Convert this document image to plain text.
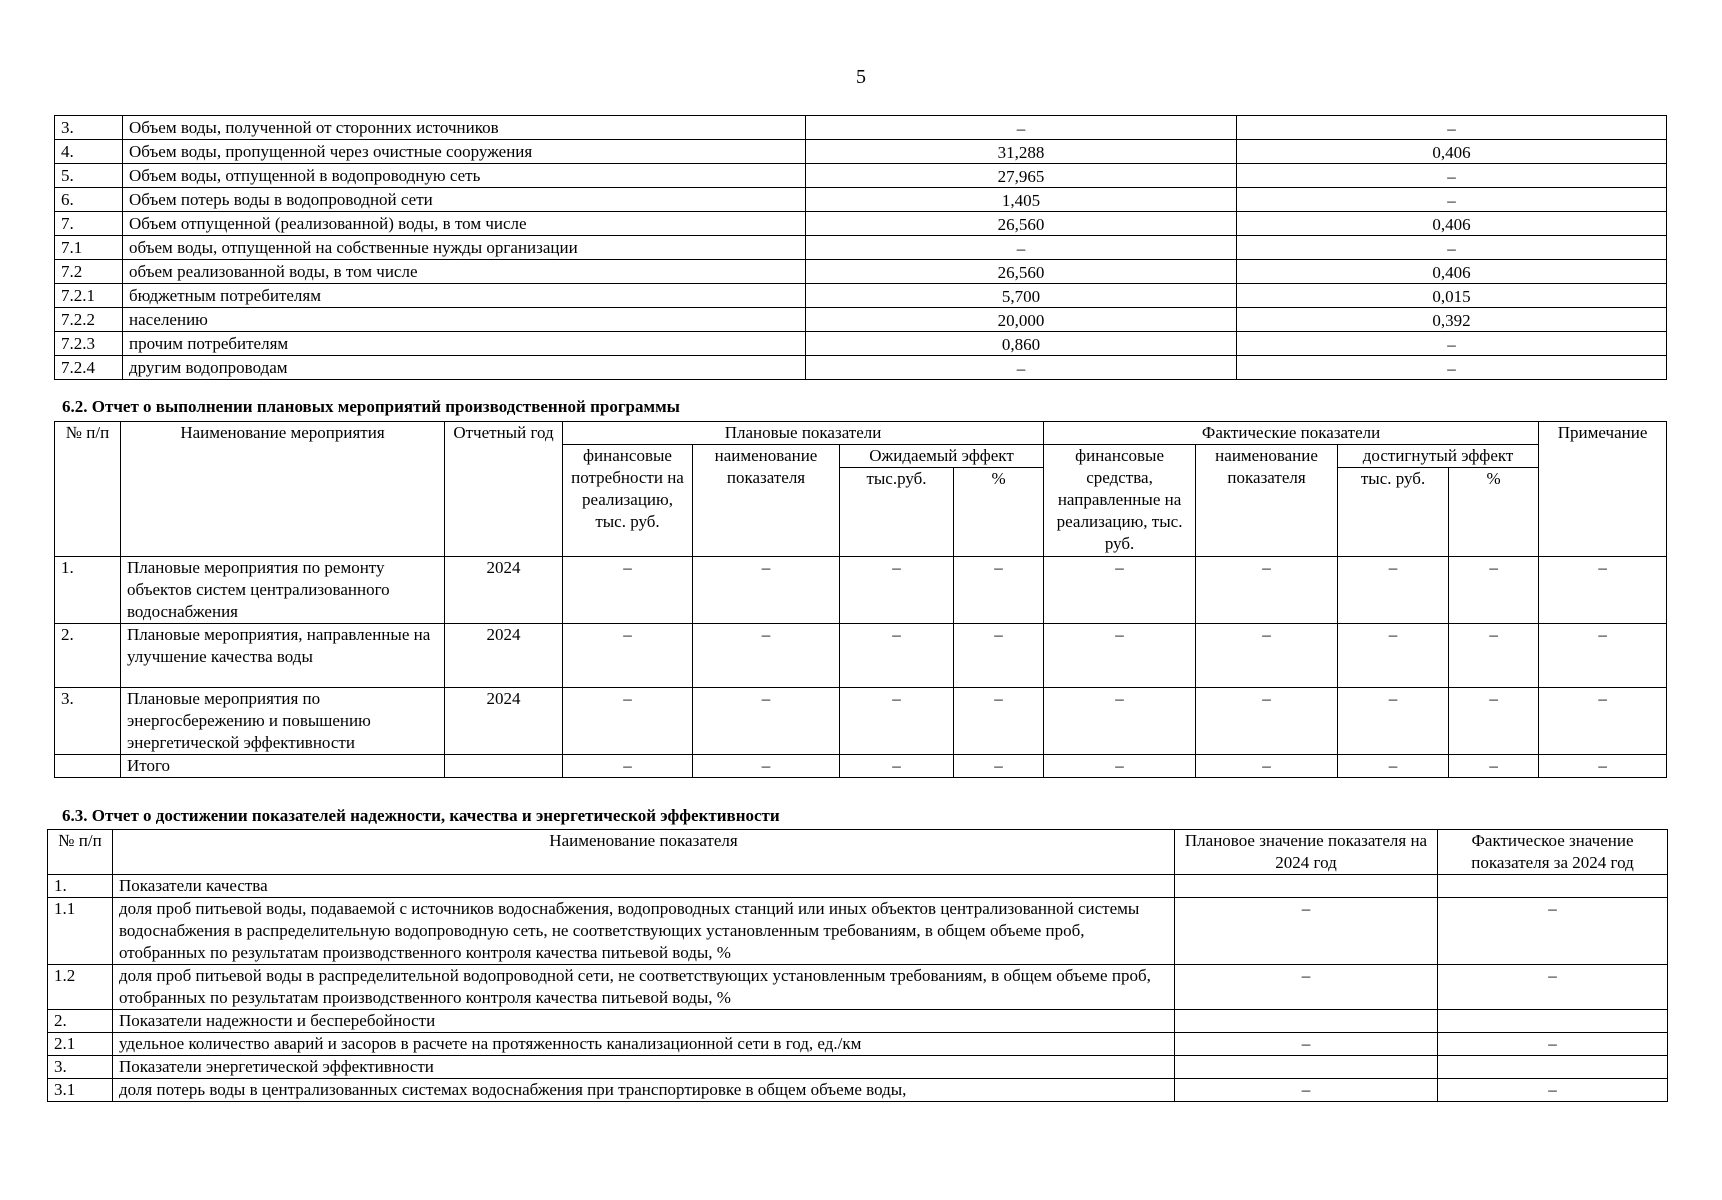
5
3.	Объем воды, полученной от сторонних источников	–	–
4.	Объем воды, пропущенной через очистные сооружения	31,288	0,406
5.	Объем воды, отпущенной в водопроводную сеть	27,965	–
6.	Объем потерь воды в водопроводной сети	1,405	–
7.	Объем отпущенной (реализованной) воды, в том числе	26,560	0,406
7.1	объем воды, отпущенной на собственные нужды организации	–	–
7.2	объем реализованной воды, в том числе	26,560	0,406
7.2.1	бюджетным потребителям	5,700	0,015
7.2.2	населению	20,000	0,392
7.2.3	прочим потребителям	0,860	–
7.2.4	другим водопроводам	–	–
6.2. Отчет о выполнении плановых мероприятий производственной программы
№ п/п	Наименование мероприятия	Отчетный год	Плановые показатели				Фактические показатели				Примечание
			финансовые потребности на реализацию, тыс. руб.	наименование показателя	Ожидаемый эффект		финансовые средства, направленные на реализацию, тыс. руб.	наименование показателя	достигнутый эффект		
					тыс.руб.	%			тыс. руб.	%	
1.	Плановые мероприятия по ремонту объектов систем централизованного водоснабжения	2024	–	–	–	–	–	–	–	–	–
2.	Плановые мероприятия, направленные на улучшение качества воды	2024	–	–	–	–	–	–	–	–	–
3.	Плановые мероприятия по энергосбережению и повышению энергетической эффективности	2024	–	–	–	–	–	–	–	–	–
	Итого		–	–	–	–	–	–	–	–	–
6.3. Отчет о достижении показателей надежности, качества и энергетической эффективности
№ п/п	Наименование показателя	Плановое значение показателя на 2024 год	Фактическое значение показателя за 2024 год
1.	Показатели качества		
1.1	доля проб питьевой воды, подаваемой с источников водоснабжения, водопроводных станций или иных объектов централизованной системы водоснабжения в распределительную водопроводную сеть, не соответствующих установленным требованиям, в общем объеме проб, отобранных по результатам производственного контроля качества питьевой воды, %	–	–
1.2	доля проб питьевой воды в распределительной водопроводной сети, не соответствующих установленным требованиям, в общем объеме проб, отобранных по результатам производственного контроля качества питьевой воды, %	–	–
2.	Показатели надежности и бесперебойности		
2.1	удельное количество аварий и засоров в расчете на протяженность канализационной сети в год, ед./км	–	–
3.	Показатели энергетической эффективности		
3.1	доля потерь воды в централизованных системах водоснабжения при транспортировке в общем объеме воды,	–	–
